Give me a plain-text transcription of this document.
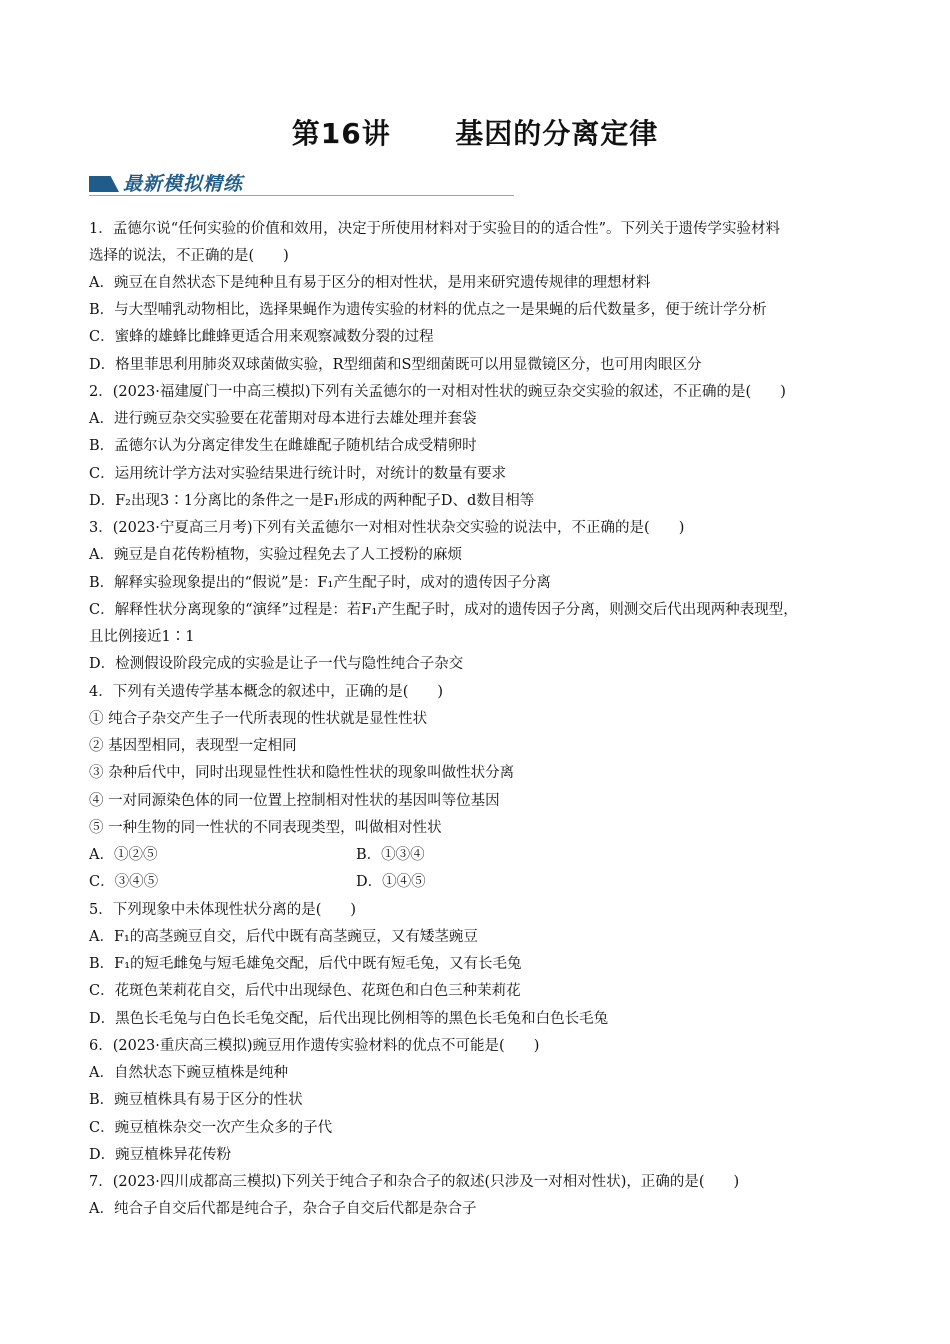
第16讲      基因的分离定律
最新模拟精练
1．孟德尔说“任何实验的价值和效用，决定于所使用材料对于实验目的的适合性”。下列关于遗传学实验材料
选择的说法，不正确的是(　　)
A．豌豆在自然状态下是纯种且有易于区分的相对性状，是用来研究遗传规律的理想材料
B．与大型哺乳动物相比，选择果蝇作为遗传实验的材料的优点之一是果蝇的后代数量多，便于统计学分析
C．蜜蜂的雄蜂比雌蜂更适合用来观察减数分裂的过程
D．格里菲思利用肺炎双球菌做实验，R型细菌和S型细菌既可以用显微镜区分，也可用肉眼区分
2．(2023·福建厦门一中高三模拟)下列有关孟德尔的一对相对性状的豌豆杂交实验的叙述，不正确的是(　　)
A．进行豌豆杂交实验要在花蕾期对母本进行去雄处理并套袋
B．孟德尔认为分离定律发生在雌雄配子随机结合成受精卵时
C．运用统计学方法对实验结果进行统计时，对统计的数量有要求
D．F₂出现3∶1分离比的条件之一是F₁形成的两种配子D、d数目相等
3．(2023·宁夏高三月考)下列有关孟德尔一对相对性状杂交实验的说法中，不正确的是(　　)
A．豌豆是自花传粉植物，实验过程免去了人工授粉的麻烦
B．解释实验现象提出的“假说”是：F₁产生配子时，成对的遗传因子分离
C．解释性状分离现象的“演绎”过程是：若F₁产生配子时，成对的遗传因子分离，则测交后代出现两种表现型，
且比例接近1∶1
D．检测假设阶段完成的实验是让子一代与隐性纯合子杂交
4．下列有关遗传学基本概念的叙述中，正确的是(　　)
① 纯合子杂交产生子一代所表现的性状就是显性性状
② 基因型相同，表现型一定相同
③ 杂种后代中，同时出现显性性状和隐性性状的现象叫做性状分离
④ 一对同源染色体的同一位置上控制相对性状的基因叫等位基因
⑤ 一种生物的同一性状的不同表现类型，叫做相对性状
A．①②⑤	B．①③④
C．③④⑤	D．①④⑤
5．下列现象中未体现性状分离的是(　　)
A．F₁的高茎豌豆自交，后代中既有高茎豌豆，又有矮茎豌豆
B．F₁的短毛雌兔与短毛雄兔交配，后代中既有短毛兔，又有长毛兔
C．花斑色茉莉花自交，后代中出现绿色、花斑色和白色三种茉莉花
D．黑色长毛兔与白色长毛兔交配，后代出现比例相等的黑色长毛兔和白色长毛兔
6．(2023·重庆高三模拟)豌豆用作遗传实验材料的优点不可能是(　　)
A．自然状态下豌豆植株是纯种
B．豌豆植株具有易于区分的性状
C．豌豆植株杂交一次产生众多的子代
D．豌豆植株异花传粉
7．(2023·四川成都高三模拟)下列关于纯合子和杂合子的叙述(只涉及一对相对性状)，正确的是(　　)
A．纯合子自交后代都是纯合子，杂合子自交后代都是杂合子
